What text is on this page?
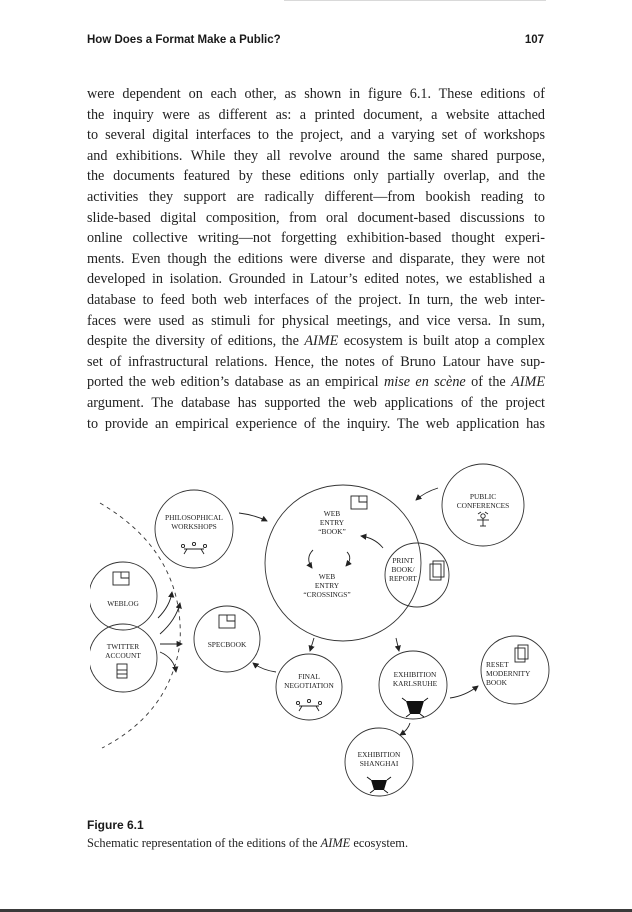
How Does a Format Make a Public?	107
were dependent on each other, as shown in figure 6.1. These editions of
the inquiry were as different as: a printed document, a website attached
to several digital interfaces to the project, and a varying set of workshops
and exhibitions. While they all revolve around the same shared purpose,
the documents featured by these editions only partially overlap, and the
activities they support are radically different—from bookish reading to
slide-based digital composition, from oral document-based discussions to
online collective writing—not forgetting exhibition-based thought experi-
ments. Even though the editions were diverse and disparate, they were not
developed in isolation. Grounded in Latour’s edited notes, we established a
database to feed both web interfaces of the project. In turn, the web inter-
faces were used as stimuli for physical meetings, and vice versa. In sum,
despite the diversity of editions, the AIME ecosystem is built atop a complex
set of infrastructural relations. Hence, the notes of Bruno Latour have sup-
ported the web edition’s database as an empirical mise en scène of the AIME
argument. The database has supported the web applications of the project
to provide an empirical experience of the inquiry. The web application has
PHILOSOPHICAL WORKSHOPS
WEB ENTRY “BOOK”
WEB ENTRY “CROSSINGS”
PUBLIC CONFERENCES
PRINT BOOK/ REPORT
WEBLOG
TWITTER ACCOUNT
SPECBOOK
FINAL NEGOTIATION
EXHIBITION KARLSRUHE
RESET MODERNITY BOOK
EXHIBITION SHANGHAI
Figure 6.1
Schematic representation of the editions of the AIME ecosystem.
